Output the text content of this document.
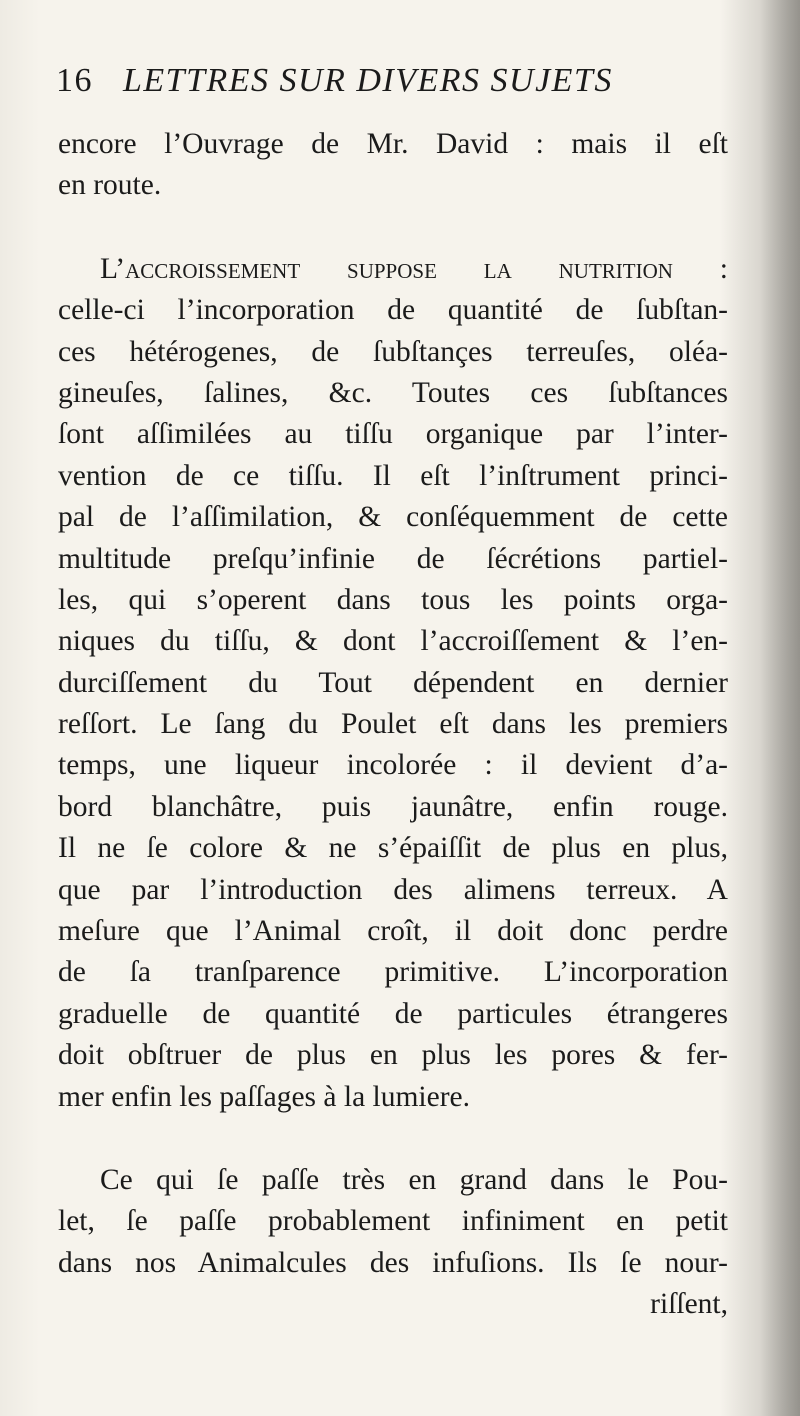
16 LETTRES SUR DIVERS SUJETS
encore l’Ouvrage de Mr. David : mais il eſt
en route.
L’accroissement ſuppoſe la nutrition :
celle-ci l’incorporation de quantité de ſubſtan-
ces hétérogenes, de ſubſtançes terreuſes, oléa-
gineuſes, ſalines, &c. Toutes ces ſubſtances
ſont aſſimilées au tiſſu organique par l’inter-
vention de ce tiſſu. Il eſt l’inſtrument princi-
pal de l’aſſimilation, & conſéquemment de cette
multitude preſqu’infinie de ſécrétions partiel-
les, qui s’operent dans tous les points orga-
niques du tiſſu, & dont l’accroiſſement & l’en-
durciſſement du Tout dépendent en dernier
reſſort. Le ſang du Poulet eſt dans les premiers
temps, une liqueur incolorée : il devient d’a-
bord blanchâtre, puis jaunâtre, enfin rouge.
Il ne ſe colore & ne s’épaiſſit de plus en plus,
que par l’introduction des alimens terreux. A
meſure que l’Animal croît, il doit donc perdre
de ſa tranſparence primitive. L’incorporation
graduelle de quantité de particules étrangeres
doit obſtruer de plus en plus les pores & fer-
mer enfin les paſſages à la lumiere.
Ce qui ſe paſſe très en grand dans le Pou-
let, ſe paſſe probablement infiniment en petit
dans nos Animalcules des infuſions. Ils ſe nour-
riſſent,
